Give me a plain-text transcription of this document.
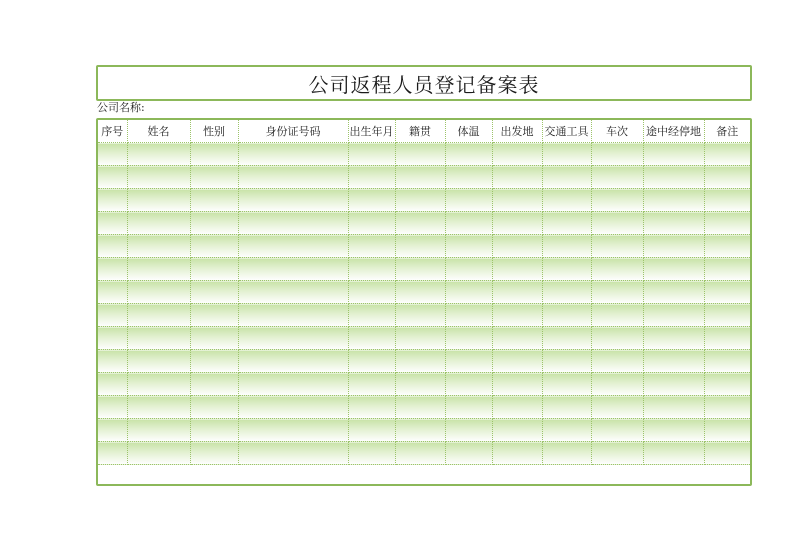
公司返程人员登记备案表
公司名称:
序号	姓名	性别	身份证号码	出生年月	籍贯	体温	出发地	交通工具	车次	途中经停地	备注
